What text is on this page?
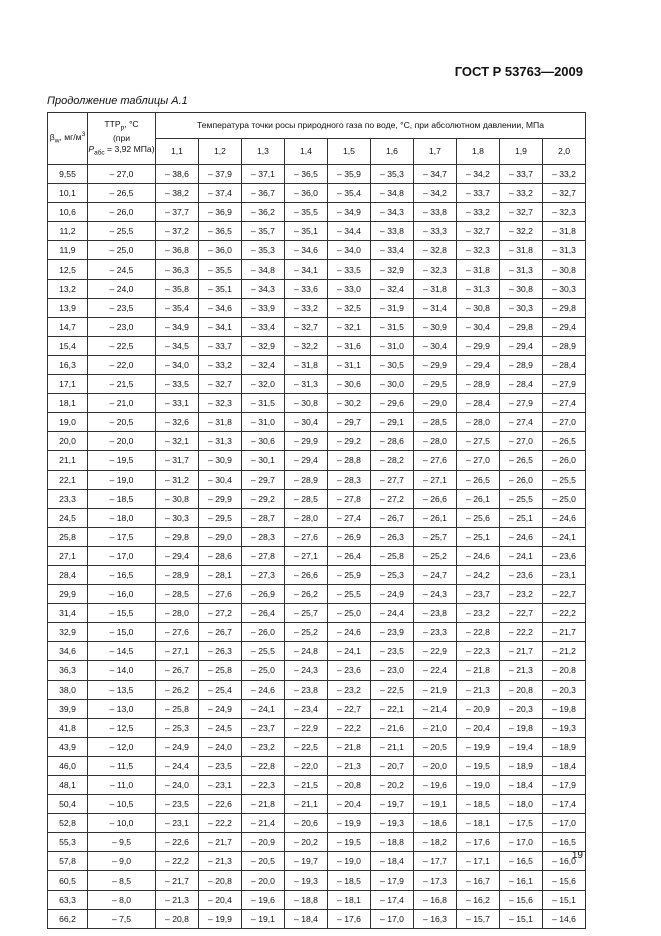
ГОСТ Р 53763—2009
Продолжение таблицы А.1
$\beta_w$, $мг/м^3$	$ТТР_р$, °С
(при
$P_{абс} = 3,92$ МПа)	Температура точки росы природного газа по воде, °С, при абсолютном давлении, МПа									
		1,1	1,2	1,3	1,4	1,5	1,6	1,7	1,8	1,9	2,0
9,55	– 27,0	– 38,6	– 37,9	– 37,1	– 36,5	– 35,9	– 35,3	– 34,7	– 34,2	– 33,7	– 33,2
10,1	– 26,5	– 38,2	– 37,4	– 36,7	– 36,0	– 35,4	– 34,8	– 34,2	– 33,7	– 33,2	– 32,7
10,6	– 26,0	– 37,7	– 36,9	– 36,2	– 35,5	– 34,9	– 34,3	– 33,8	– 33,2	– 32,7	– 32,3
11,2	– 25,5	– 37,2	– 36,5	– 35,7	– 35,1	– 34,4	– 33,8	– 33,3	– 32,7	– 32,2	– 31,8
11,9	– 25,0	– 36,8	– 36,0	– 35,3	– 34,6	– 34,0	– 33,4	– 32,8	– 32,3	– 31,8	– 31,3
12,5	– 24,5	– 36,3	– 35,5	– 34,8	– 34,1	– 33,5	– 32,9	– 32,3	– 31,8	– 31,3	– 30,8
13,2	– 24,0	– 35,8	– 35,1	– 34,3	– 33,6	– 33,0	– 32,4	– 31,8	– 31,3	– 30,8	– 30,3
13,9	– 23,5	– 35,4	– 34,6	– 33,9	– 33,2	– 32,5	– 31,9	– 31,4	– 30,8	– 30,3	– 29,8
14,7	– 23,0	– 34,9	– 34,1	– 33,4	– 32,7	– 32,1	– 31,5	– 30,9	– 30,4	– 29,8	– 29,4
15,4	– 22,5	– 34,5	– 33,7	– 32,9	– 32,2	– 31,6	– 31,0	– 30,4	– 29,9	– 29,4	– 28,9
16,3	– 22,0	– 34,0	– 33,2	– 32,4	– 31,8	– 31,1	– 30,5	– 29,9	– 29,4	– 28,9	– 28,4
17,1	– 21,5	– 33,5	– 32,7	– 32,0	– 31,3	– 30,6	– 30,0	– 29,5	– 28,9	– 28,4	– 27,9
18,1	– 21,0	– 33,1	– 32,3	– 31,5	– 30,8	– 30,2	– 29,6	– 29,0	– 28,4	– 27,9	– 27,4
19,0	– 20,5	– 32,6	– 31,8	– 31,0	– 30,4	– 29,7	– 29,1	– 28,5	– 28,0	– 27,4	– 27,0
20,0	– 20,0	– 32,1	– 31,3	– 30,6	– 29,9	– 29,2	– 28,6	– 28,0	– 27,5	– 27,0	– 26,5
21,1	– 19,5	– 31,7	– 30,9	– 30,1	– 29,4	– 28,8	– 28,2	– 27,6	– 27,0	– 26,5	– 26,0
22,1	– 19,0	– 31,2	– 30,4	– 29,7	– 28,9	– 28,3	– 27,7	– 27,1	– 26,5	– 26,0	– 25,5
23,3	– 18,5	– 30,8	– 29,9	– 29,2	– 28,5	– 27,8	– 27,2	– 26,6	– 26,1	– 25,5	– 25,0
24,5	– 18,0	– 30,3	– 29,5	– 28,7	– 28,0	– 27,4	– 26,7	– 26,1	– 25,6	– 25,1	– 24,6
25,8	– 17,5	– 29,8	– 29,0	– 28,3	– 27,6	– 26,9	– 26,3	– 25,7	– 25,1	– 24,6	– 24,1
27,1	– 17,0	– 29,4	– 28,6	– 27,8	– 27,1	– 26,4	– 25,8	– 25,2	– 24,6	– 24,1	– 23,6
28,4	– 16,5	– 28,9	– 28,1	– 27,3	– 26,6	– 25,9	– 25,3	– 24,7	– 24,2	– 23,6	– 23,1
29,9	– 16,0	– 28,5	– 27,6	– 26,9	– 26,2	– 25,5	– 24,9	– 24,3	– 23,7	– 23,2	– 22,7
31,4	– 15,5	– 28,0	– 27,2	– 26,4	– 25,7	– 25,0	– 24,4	– 23,8	– 23,2	– 22,7	– 22,2
32,9	– 15,0	– 27,6	– 26,7	– 26,0	– 25,2	– 24,6	– 23,9	– 23,3	– 22,8	– 22,2	– 21,7
34,6	– 14,5	– 27,1	– 26,3	– 25,5	– 24,8	– 24,1	– 23,5	– 22,9	– 22,3	– 21,7	– 21,2
36,3	– 14,0	– 26,7	– 25,8	– 25,0	– 24,3	– 23,6	– 23,0	– 22,4	– 21,8	– 21,3	– 20,8
38,0	– 13,5	– 26,2	– 25,4	– 24,6	– 23,8	– 23,2	– 22,5	– 21,9	– 21,3	– 20,8	– 20,3
39,9	– 13,0	– 25,8	– 24,9	– 24,1	– 23,4	– 22,7	– 22,1	– 21,4	– 20,9	– 20,3	– 19,8
41,8	– 12,5	– 25,3	– 24,5	– 23,7	– 22,9	– 22,2	– 21,6	– 21,0	– 20,4	– 19,8	– 19,3
43,9	– 12,0	– 24,9	– 24,0	– 23,2	– 22,5	– 21,8	– 21,1	– 20,5	– 19,9	– 19,4	– 18,9
46,0	– 11,5	– 24,4	– 23,5	– 22,8	– 22,0	– 21,3	– 20,7	– 20,0	– 19,5	– 18,9	– 18,4
48,1	– 11,0	– 24,0	– 23,1	– 22,3	– 21,5	– 20,8	– 20,2	– 19,6	– 19,0	– 18,4	– 17,9
50,4	– 10,5	– 23,5	– 22,6	– 21,8	– 21,1	– 20,4	– 19,7	– 19,1	– 18,5	– 18,0	– 17,4
52,8	– 10,0	– 23,1	– 22,2	– 21,4	– 20,6	– 19,9	– 19,3	– 18,6	– 18,1	– 17,5	– 17,0
55,3	– 9,5	– 22,6	– 21,7	– 20,9	– 20,2	– 19,5	– 18,8	– 18,2	– 17,6	– 17,0	– 16,5
57,8	– 9,0	– 22,2	– 21,3	– 20,5	– 19,7	– 19,0	– 18,4	– 17,7	– 17,1	– 16,5	– 16,0
60,5	– 8,5	– 21,7	– 20,8	– 20,0	– 19,3	– 18,5	– 17,9	– 17,3	– 16,7	– 16,1	– 15,6
63,3	– 8,0	– 21,3	– 20,4	– 19,6	– 18,8	– 18,1	– 17,4	– 16,8	– 16,2	– 15,6	– 15,1
66,2	– 7,5	– 20,8	– 19,9	– 19,1	– 18,4	– 17,6	– 17,0	– 16,3	– 15,7	– 15,1	– 14,6
19
